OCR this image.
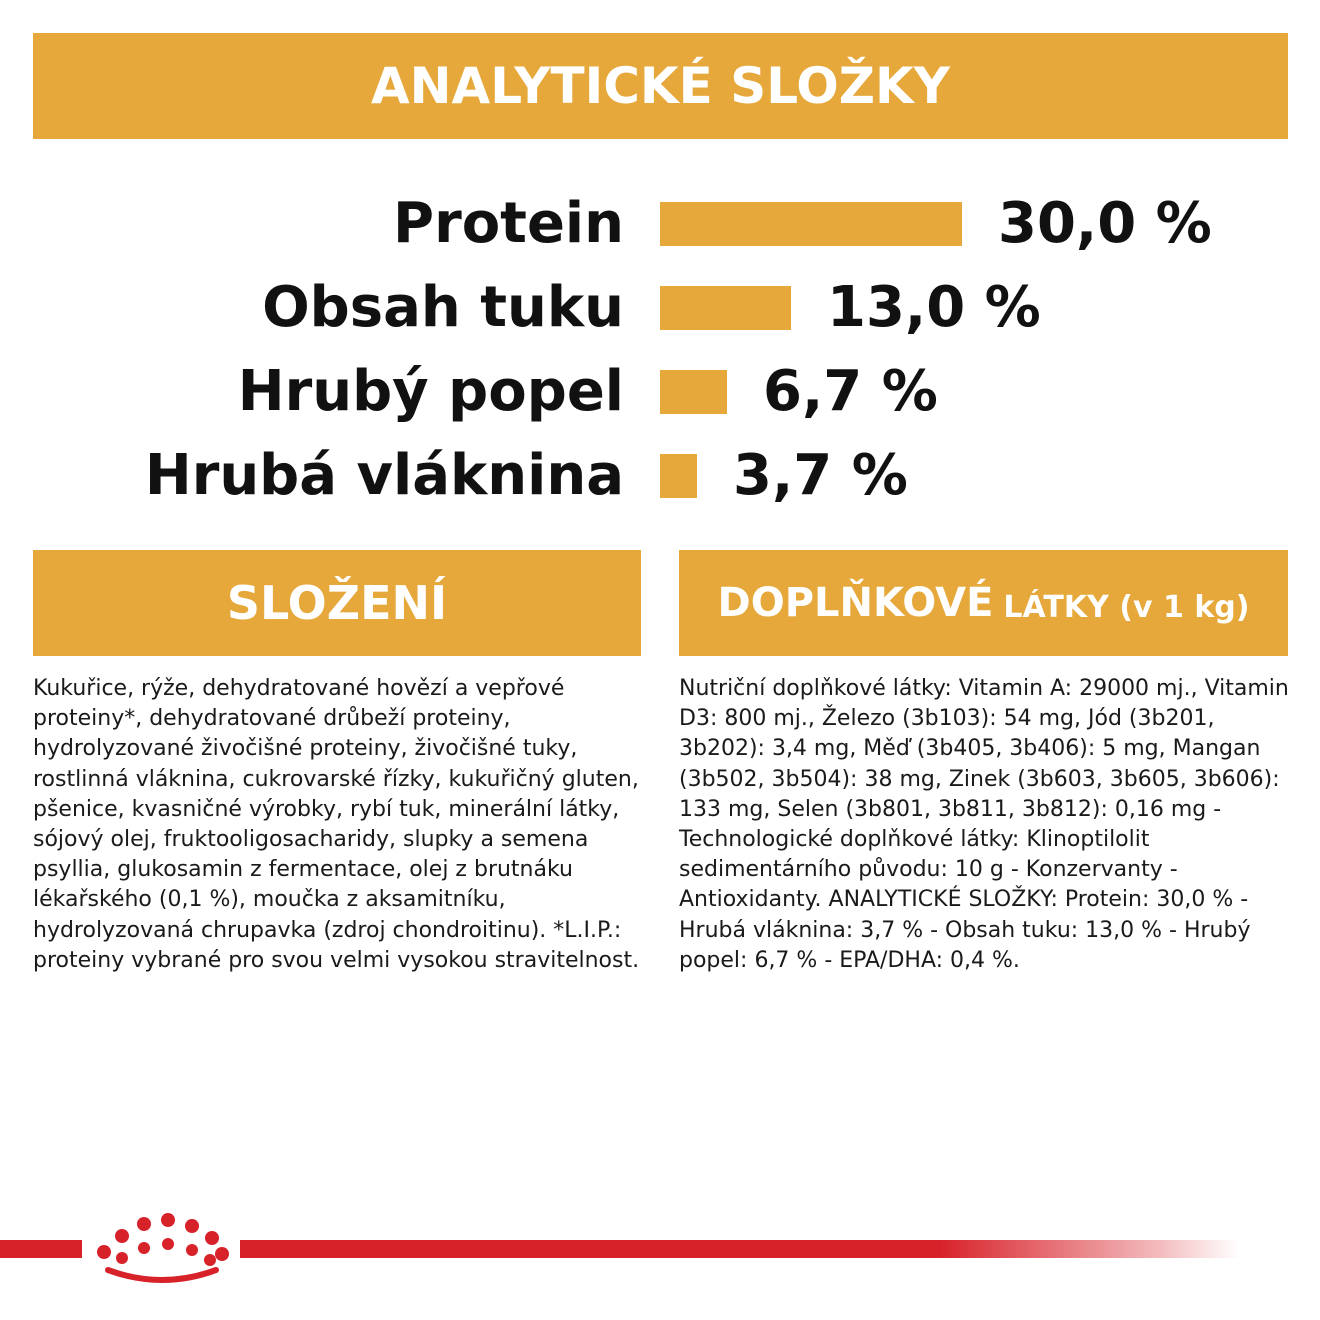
ANALYTICKÉ SLOŽKY
Protein	30,0 %
Obsah tuku	13,0 %
Hrubý popel 6,7 %
Hrubá vláknina 3,7 %
SLOŽENÍ	DOPLŇKOVÉ LÁTKY (v 1 kg)

Kukuřice, rýže, dehydratované hovězí a vepřové proteiny*, dehydratované drůbeží proteiny, hydrolyzované živočišné proteiny, živočišné tuky, rostlinná vláknina, cukrovarské řízky, kukuřičný gluten, pšenice, kvasničné výrobky, rybí tuk, minerální látky, sójový olej, fruktooligosacharidy, slupky a semena psyllia, glukosamin z fermentace, olej z brutnáku lékařského (0,1 %), moučka z aksamitníku, hydrolyzovaná chrupavka (zdroj chondroitinu). *L.I.P.: proteiny vybrané pro svou velmi vysokou stravitelnost.

Nutriční doplňkové látky: Vitamin A: 29000 mj., Vitamin D3: 800 mj., Železo (3b103): 54 mg, Jód (3b201, 3b202): 3,4 mg, Měď (3b405, 3b406): 5 mg, Mangan (3b502, 3b504): 38 mg, Zinek (3b603, 3b605, 3b606): 133 mg, Selen (3b801, 3b811, 3b812): 0,16 mg - Technologické doplňkové látky: Klinoptilolit sedimentárního původu: 10 g - Konzervanty - Antioxidanty. ANALYTICKÉ SLOŽKY: Protein: 30,0 % - Hrubá vláknina: 3,7 % - Obsah tuku: 13,0 % - Hrubý popel: 6,7 % - EPA/DHA: 0,4 %.
